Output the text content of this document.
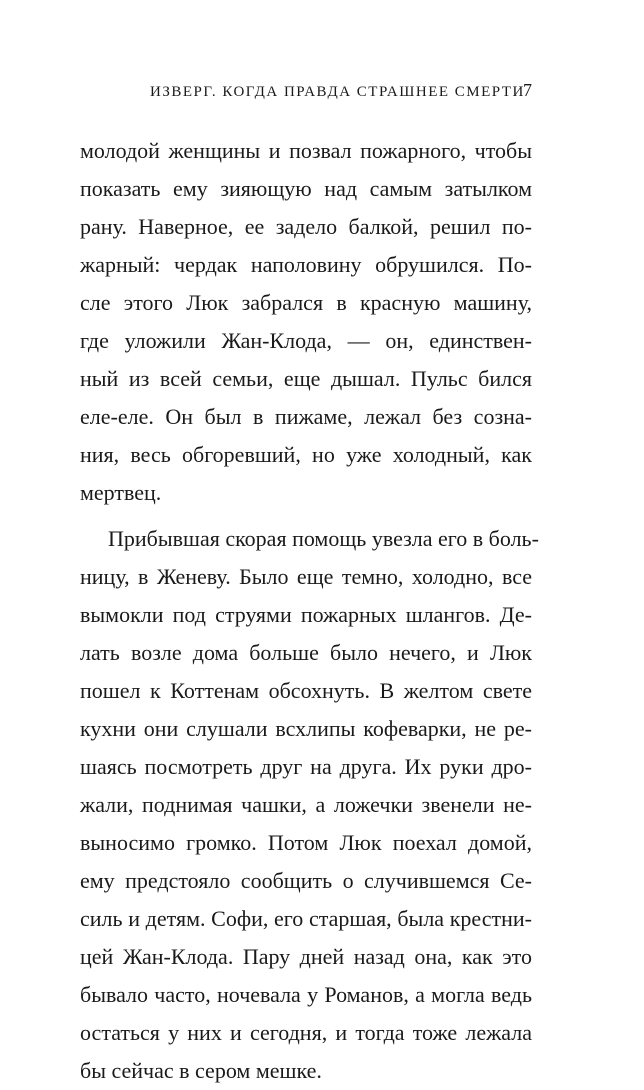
ИЗВЕРГ. КОГДА ПРАВДА СТРАШНЕЕ СМЕРТИ
7
молодой женщины и позвал пожарного, чтобы
показать ему зияющую над самым затылком
рану. Наверное, ее задело балкой, решил по-
жарный: чердак наполовину обрушился. По-
сле этого Люк забрался в красную машину,
где уложили Жан-Клода, — он, единствен-
ный из всей семьи, еще дышал. Пульс бился
еле-еле. Он был в пижаме, лежал без созна-
ния, весь обгоревший, но уже холодный, как
мертвец.
Прибывшая скорая помощь увезла его в боль-
ницу, в Женеву. Было еще темно, холодно, все
вымокли под струями пожарных шлангов. Де-
лать возле дома больше было нечего, и Люк
пошел к Коттенам обсохнуть. В желтом свете
кухни они слушали всхлипы кофеварки, не ре-
шаясь посмотреть друг на друга. Их руки дро-
жали, поднимая чашки, а ложечки звенели не-
выносимо громко. Потом Люк поехал домой,
ему предстояло сообщить о случившемся Се-
силь и детям. Софи, его старшая, была крестни-
цей Жан-Клода. Пару дней назад она, как это
бывало часто, ночевала у Романов, а могла ведь
остаться у них и сегодня, и тогда тоже лежала
бы сейчас в сером мешке.
